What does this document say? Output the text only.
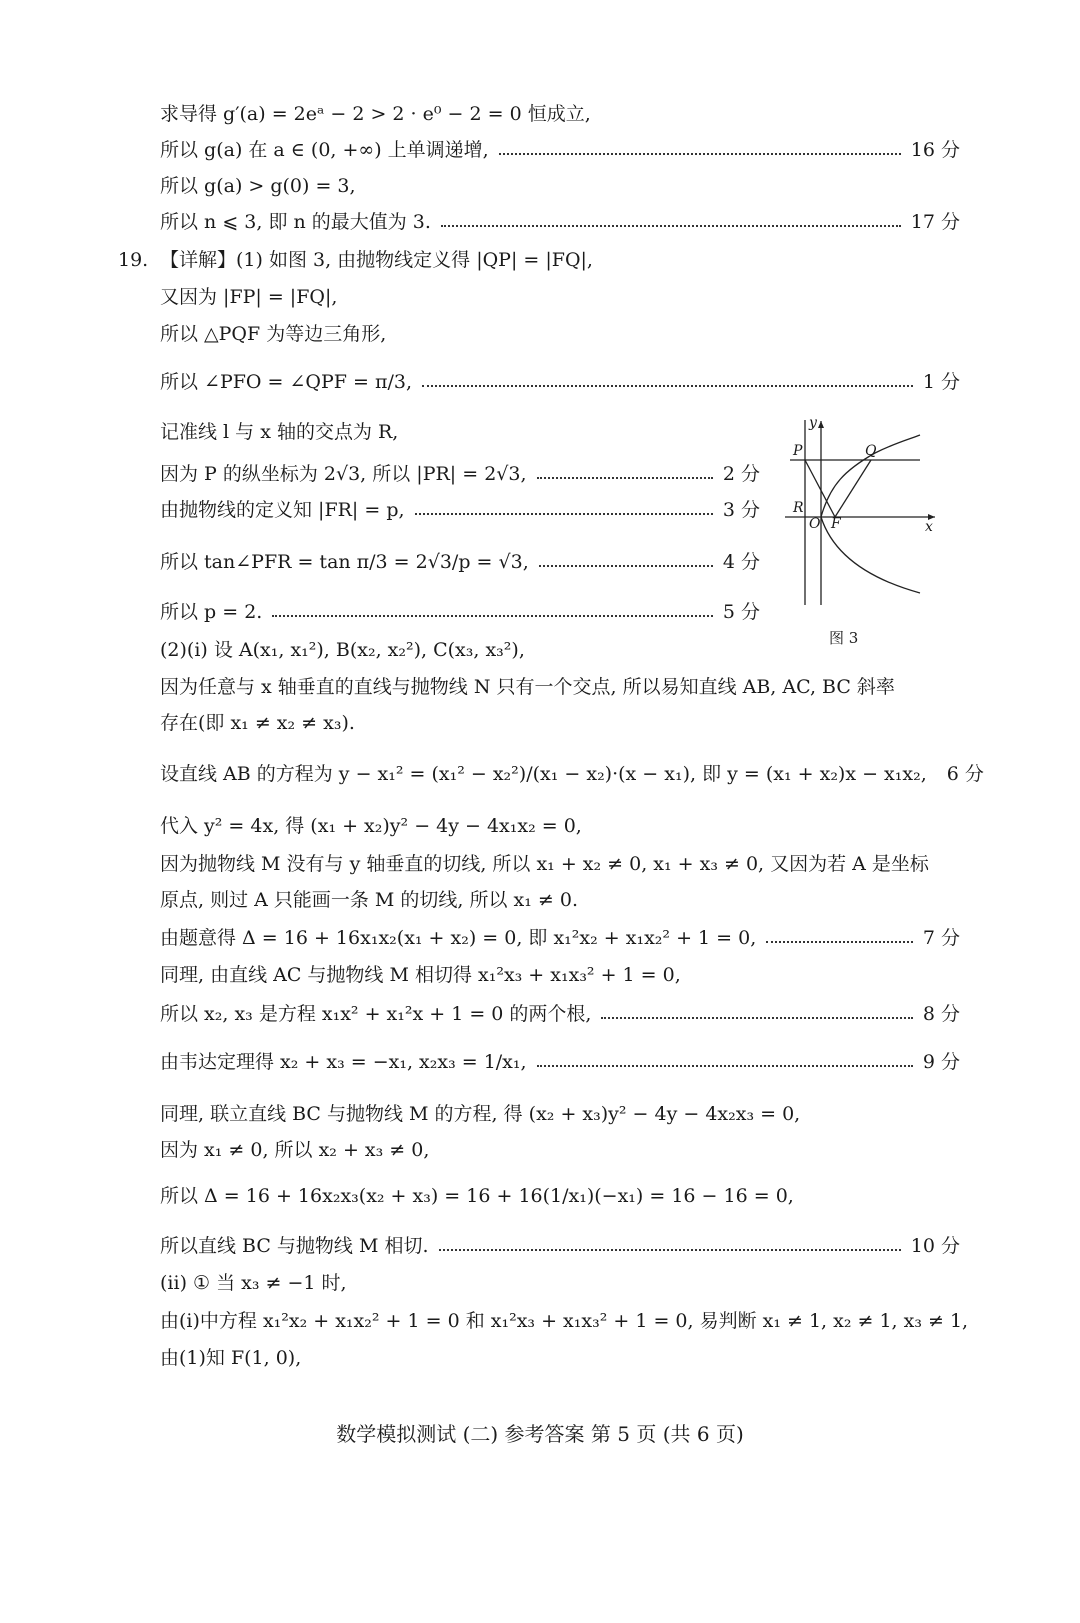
求导得 g′(a) = 2eᵃ − 2 > 2 · e⁰ − 2 = 0 恒成立,
所以 g(a) 在 a ∈ (0, +∞) 上单调递增,	16 分
所以 g(a) > g(0) = 3,
所以 n ⩽ 3, 即 n 的最大值为 3.	17 分
19. 【详解】(1) 如图 3, 由抛物线定义得 |QP| = |FQ|,
又因为 |FP| = |FQ|,
所以 △PQF 为等边三角形,
所以 ∠PFO = ∠QPF = π/3,	1 分
记准线 l 与 x 轴的交点为 R,
因为 P 的纵坐标为 2√3, 所以 |PR| = 2√3,	2 分
由抛物线的定义知 |FR| = p,	3 分
所以 tan∠PFR = tan π/3 = 2√3/p = √3,	4 分
所以 p = 2.	5 分
y
P	Q
R
O F	x
图 3
(2)(i) 设 A(x₁, x₁²), B(x₂, x₂²), C(x₃, x₃²),
因为任意与 x 轴垂直的直线与抛物线 N 只有一个交点, 所以易知直线 AB, AC, BC 斜率
存在(即 x₁ ≠ x₂ ≠ x₃).
设直线 AB 的方程为 y − x₁² = (x₁² − x₂²)/(x₁ − x₂)·(x − x₁), 即 y = (x₁ + x₂)x − x₁x₂, 6 分
代入 y² = 4x, 得 (x₁ + x₂)y² − 4y − 4x₁x₂ = 0,
因为抛物线 M 没有与 y 轴垂直的切线, 所以 x₁ + x₂ ≠ 0, x₁ + x₃ ≠ 0, 又因为若 A 是坐标
原点, 则过 A 只能画一条 M 的切线, 所以 x₁ ≠ 0.
由题意得 Δ = 16 + 16x₁x₂(x₁ + x₂) = 0, 即 x₁²x₂ + x₁x₂² + 1 = 0,	7 分
同理, 由直线 AC 与抛物线 M 相切得 x₁²x₃ + x₁x₃² + 1 = 0,
所以 x₂, x₃ 是方程 x₁x² + x₁²x + 1 = 0 的两个根,	8 分
由韦达定理得 x₂ + x₃ = −x₁, x₂x₃ = 1/x₁,	9 分
同理, 联立直线 BC 与抛物线 M 的方程, 得 (x₂ + x₃)y² − 4y − 4x₂x₃ = 0,
因为 x₁ ≠ 0, 所以 x₂ + x₃ ≠ 0,
所以 Δ = 16 + 16x₂x₃(x₂ + x₃) = 16 + 16(1/x₁)(−x₁) = 16 − 16 = 0,
所以直线 BC 与抛物线 M 相切.	10 分
(ii) ① 当 x₃ ≠ −1 时,
由(i)中方程 x₁²x₂ + x₁x₂² + 1 = 0 和 x₁²x₃ + x₁x₃² + 1 = 0, 易判断 x₁ ≠ 1, x₂ ≠ 1, x₃ ≠ 1,
由(1)知 F(1, 0),
数学模拟测试 (二) 参考答案 第 5 页 (共 6 页)
